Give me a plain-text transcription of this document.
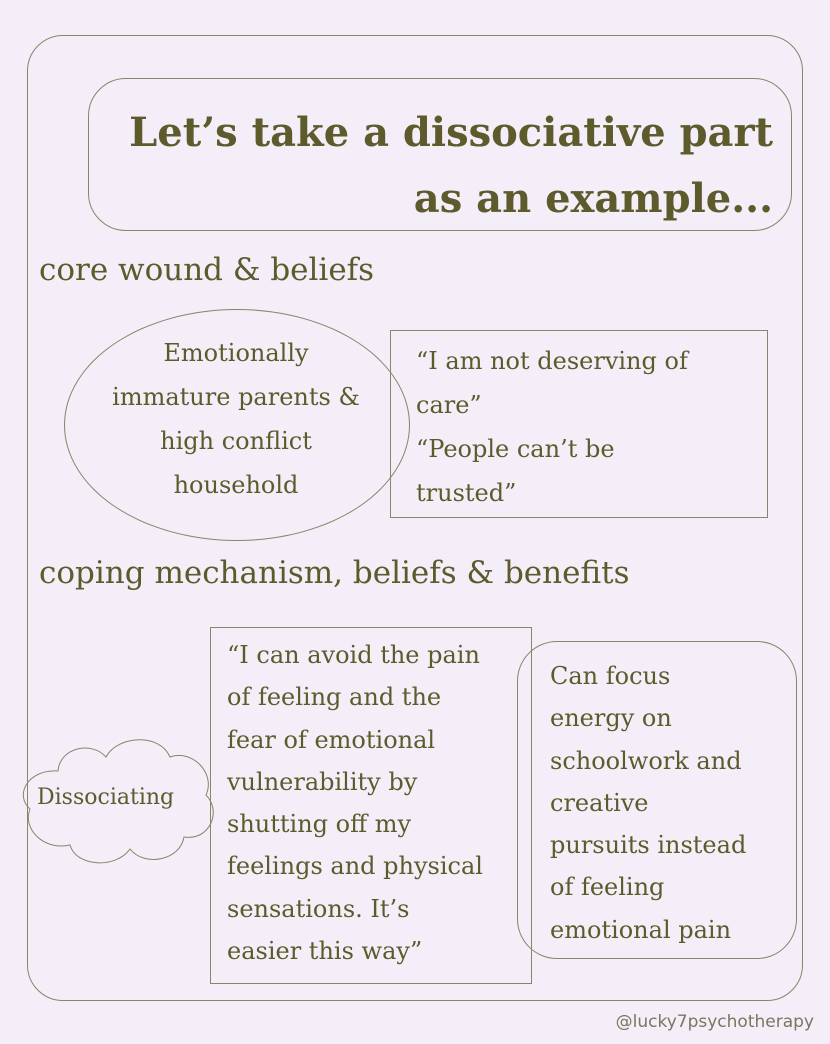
Let’s take a dissociative part
as an example...
core wound & beliefs
Emotionally
immature parents &
high conflict
household
“I am not deserving of
care”
“People can’t be
trusted”
coping mechanism, beliefs & benefits
Dissociating
“I can avoid the pain
of feeling and the
fear of emotional
vulnerability by
shutting off my
feelings and physical
sensations. It’s
easier this way”
Can focus
energy on
schoolwork and
creative
pursuits instead
of feeling
emotional pain
@lucky7psychotherapy
